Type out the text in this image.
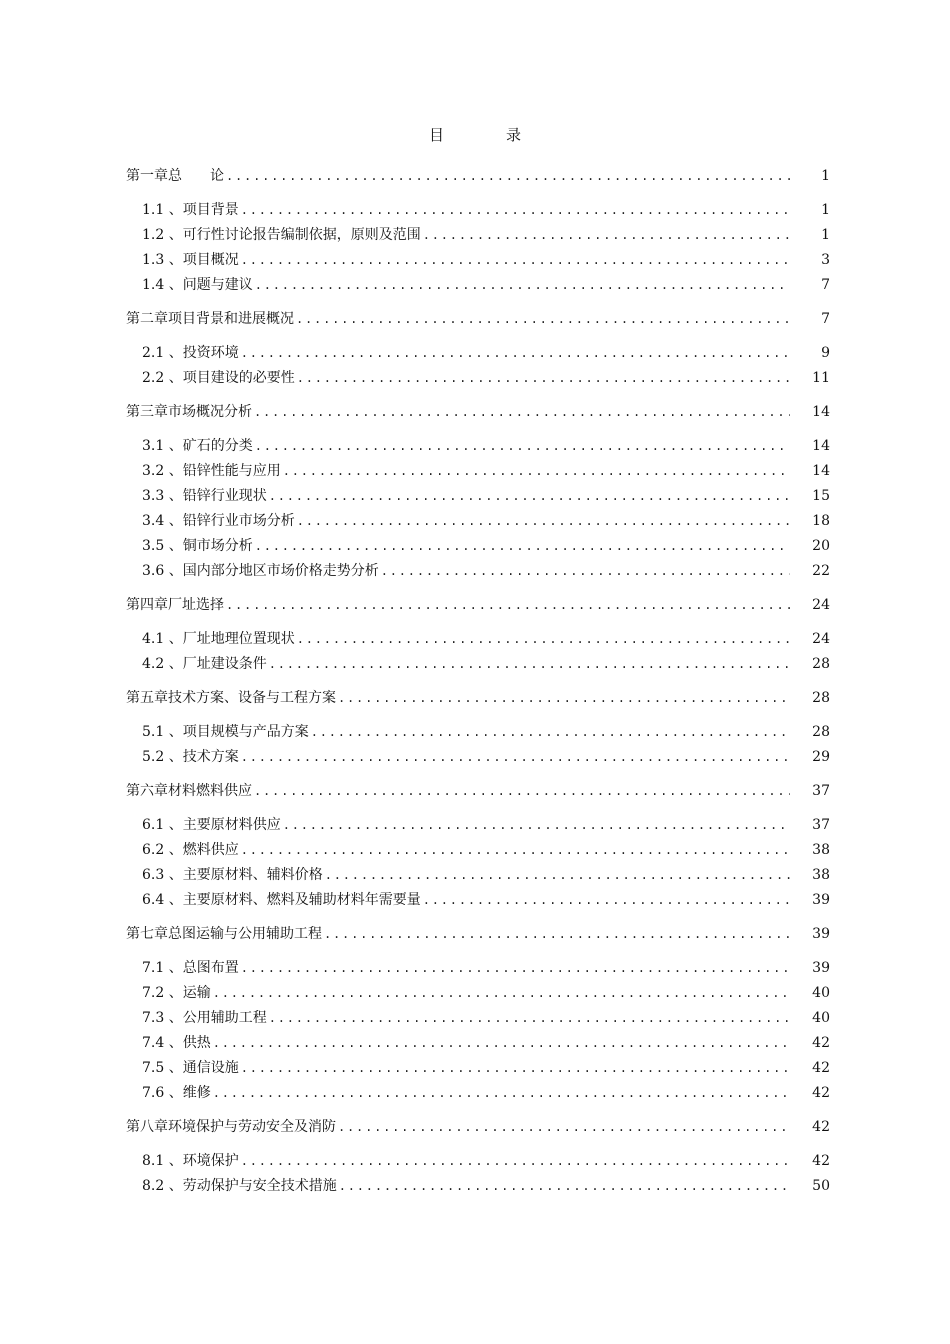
目	录
第一章 总　　论 .....	1
1.1 、 项目背景 .....	1
1.2 、 可行性讨论报告编制依据，原则及范围 .....	1
1.3 、 项目概况 .....	3
1.4 、 问题与建议 .....	7
第二章 项目背景和进展概况 .....	7
2.1 、 投资环境 .....	9
2.2 、 项目建设的必要性 .....	11
第三章 市场概况分析 .....	14
3.1 、 矿石的分类 .....	14
3.2 、 铅锌性能与应用 .....	14
3.3 、 铅锌行业现状 .....	15
3.4 、 铅锌行业市场分析 .....	18
3.5 、 铜市场分析 .....	20
3.6 、 国内部分地区市场价格走势分析 .....	22
第四章 厂址选择 .....	24
4.1 、 厂址地理位置现状 .....	24
4.2 、 厂址建设条件 .....	28
第五章 技术方案、设备与工程方案 .....	28
5.1 、 项目规模与产品方案 .....	28
5.2 、 技术方案 .....	29
第六章 材料燃料供应 .....	37
6.1 、 主要原材料供应 .....	37
6.2 、 燃料供应 .....	38
6.3 、 主要原材料、辅料价格 .....	38
6.4 、 主要原材料、燃料及辅助材料年需要量 .....	39
第七章 总图运输与公用辅助工程 .....	39
7.1 、 总图布置 .....	39
7.2 、 运输 .....	40
7.3 、 公用辅助工程 .....	40
7.4 、 供热 .....	42
7.5 、 通信设施 .....	42
7.6 、 维修 .....	42
第八章 环境保护与劳动安全及消防 .....	42
8.1 、 环境保护 .....	42
8.2 、 劳动保护与安全技术措施 .....	50
